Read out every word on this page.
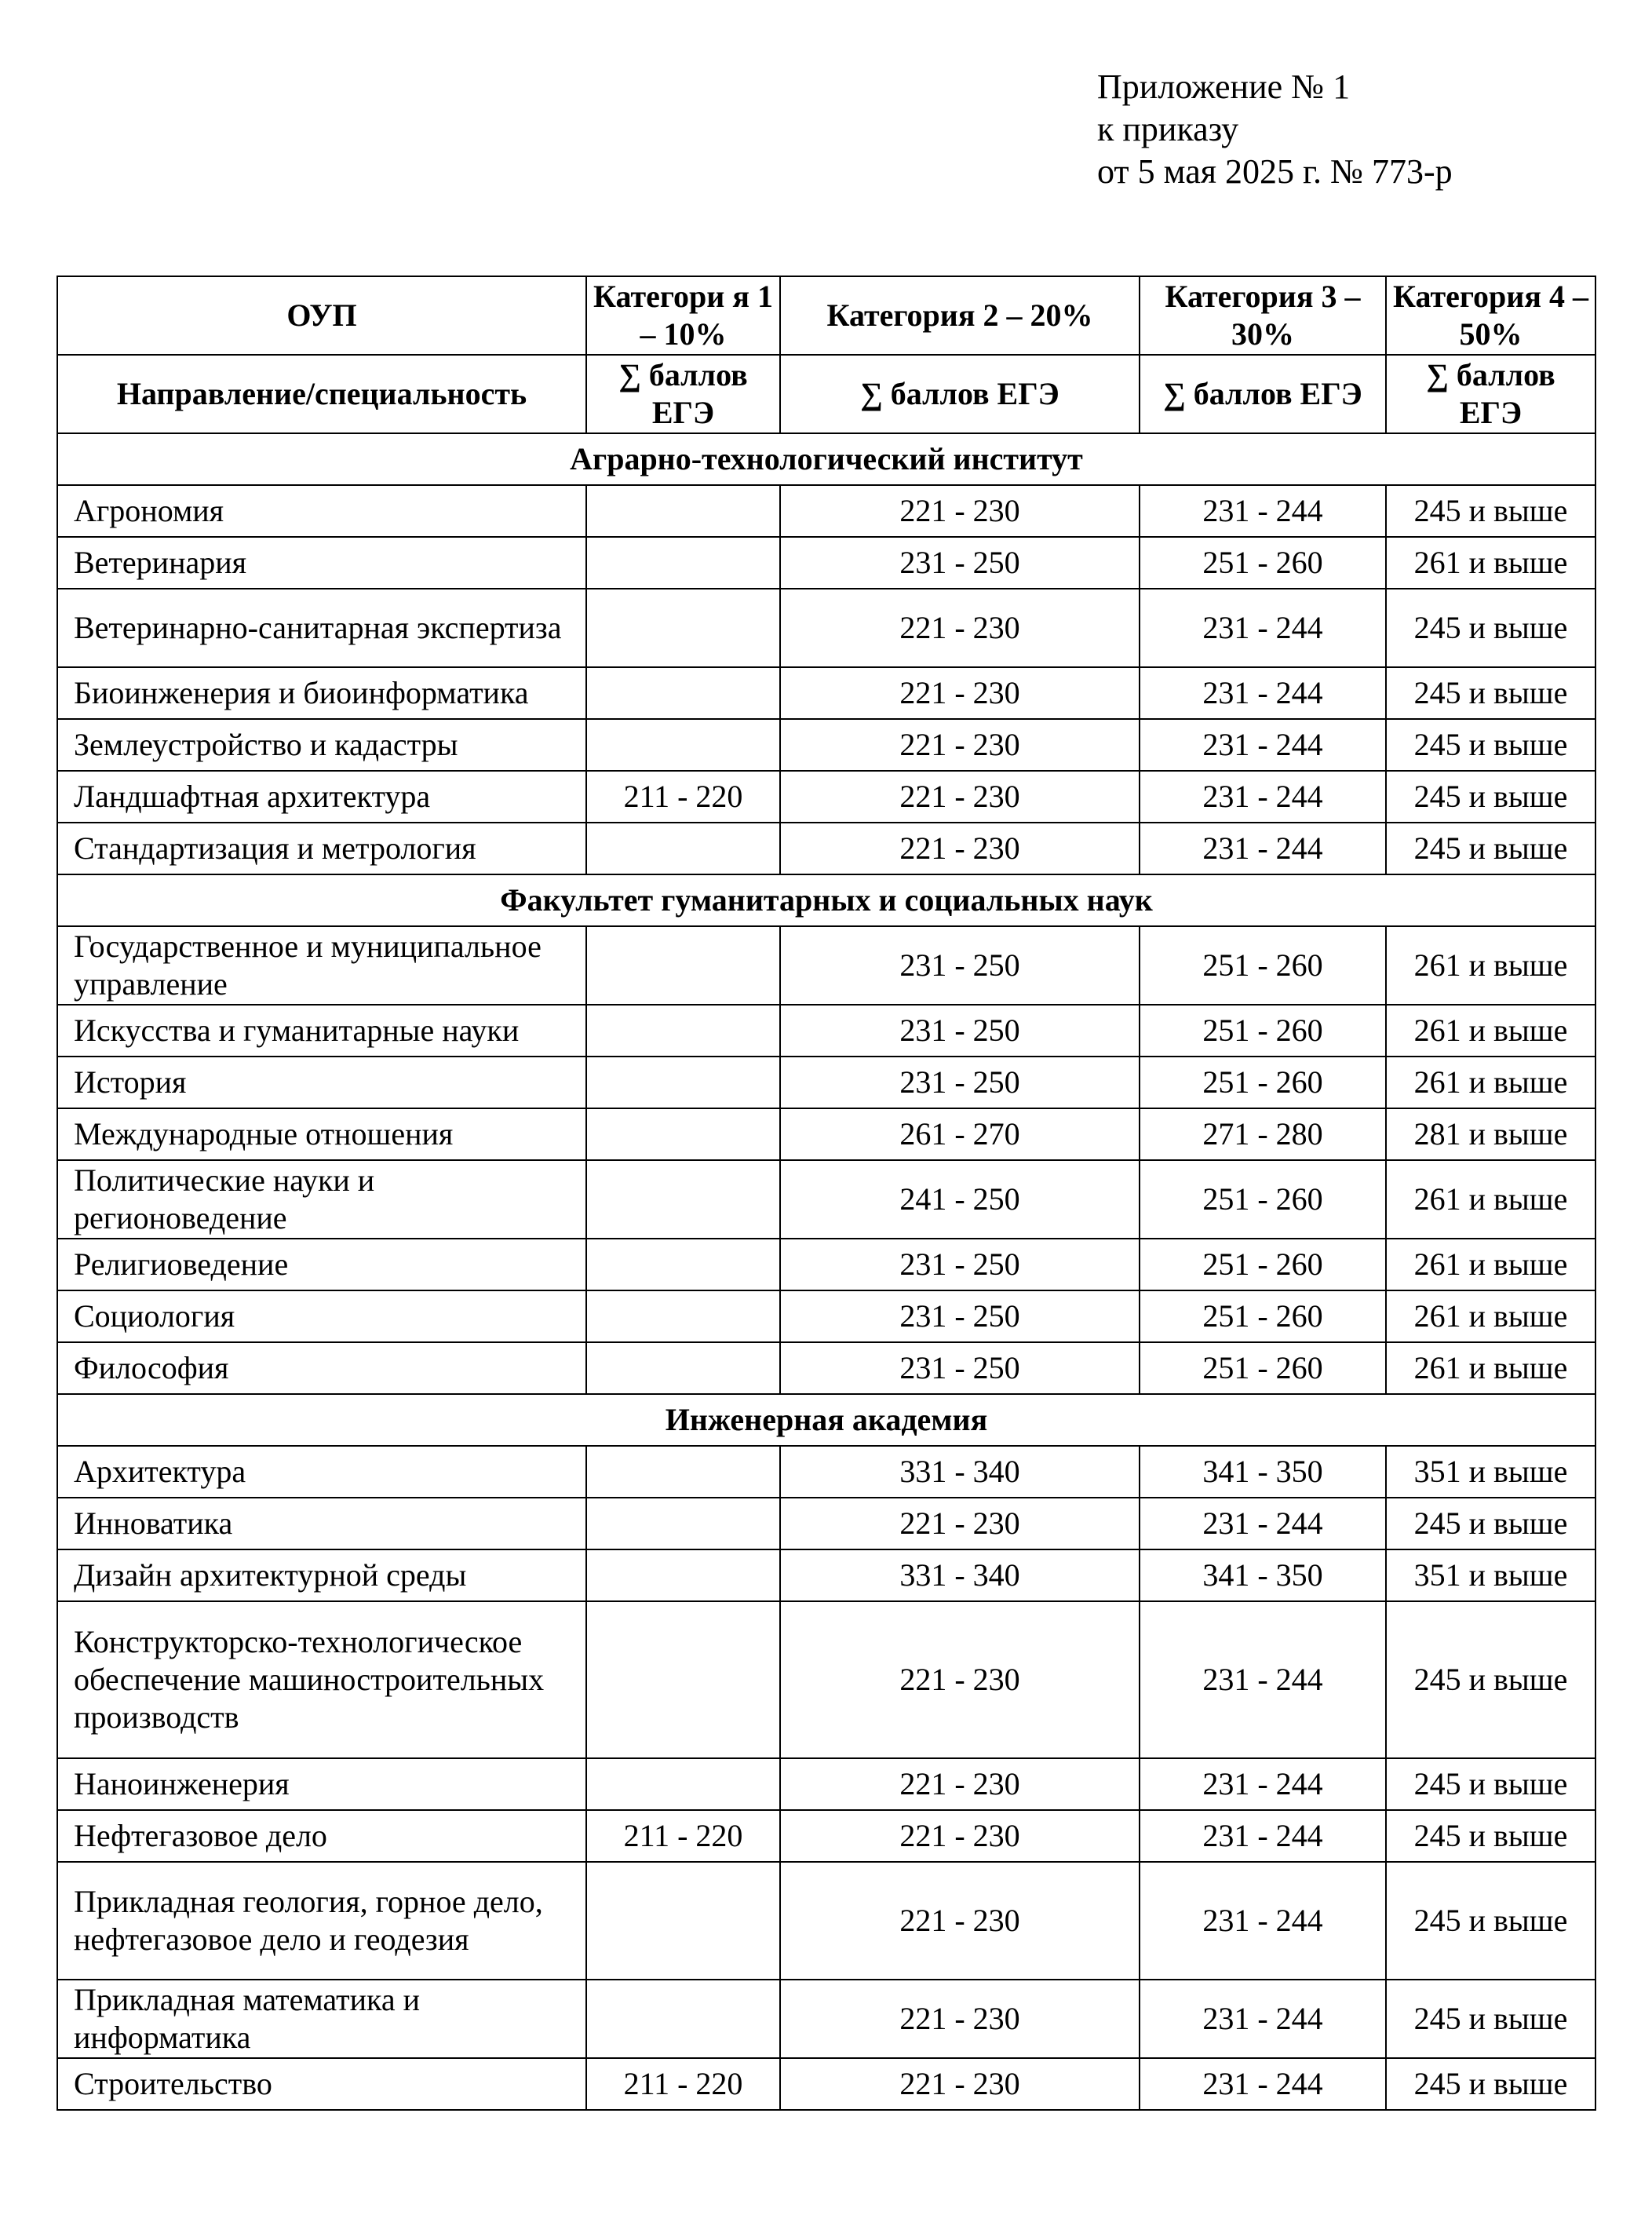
Приложение № 1
к приказу
от 5 мая 2025 г. № 773-р
ОУП	Категори я 1 – 10%	Категория 2 – 20%	Категория 3 – 30%	Категория 4 – 50%
Направление/специальность	∑ баллов ЕГЭ	∑ баллов ЕГЭ	∑ баллов ЕГЭ	∑ баллов ЕГЭ
Аграрно-технологический институт				
Агрономия		221 - 230	231 - 244	245 и выше
Ветеринария		231 - 250	251 - 260	261 и выше
Ветеринарно-санитарная экспертиза		221 - 230	231 - 244	245 и выше
Биоинженерия и биоинформатика		221 - 230	231 - 244	245 и выше
Землеустройство и кадастры		221 - 230	231 - 244	245 и выше
Ландшафтная архитектура	211 - 220	221 - 230	231 - 244	245 и выше
Стандартизация и метрология		221 - 230	231 - 244	245 и выше
Факультет гуманитарных и социальных наук				
Государственное и муниципальное управление		231 - 250	251 - 260	261 и выше
Искусства и гуманитарные науки		231 - 250	251 - 260	261 и выше
История		231 - 250	251 - 260	261 и выше
Международные отношения		261 - 270	271 - 280	281 и выше
Политические науки и регионоведение		241 - 250	251 - 260	261 и выше
Религиоведение		231 - 250	251 - 260	261 и выше
Социология		231 - 250	251 - 260	261 и выше
Философия		231 - 250	251 - 260	261 и выше
Инженерная академия				
Архитектура		331 - 340	341 - 350	351 и выше
Инноватика		221 - 230	231 - 244	245 и выше
Дизайн архитектурной среды		331 - 340	341 - 350	351 и выше
Конструкторско-технологическое обеспечение машиностроительных производств		221 - 230	231 - 244	245 и выше
Наноинженерия		221 - 230	231 - 244	245 и выше
Нефтегазовое дело	211 - 220	221 - 230	231 - 244	245 и выше
Прикладная геология, горное дело, нефтегазовое дело и геодезия		221 - 230	231 - 244	245 и выше
Прикладная математика и информатика		221 - 230	231 - 244	245 и выше
Строительство	211 - 220	221 - 230	231 - 244	245 и выше
